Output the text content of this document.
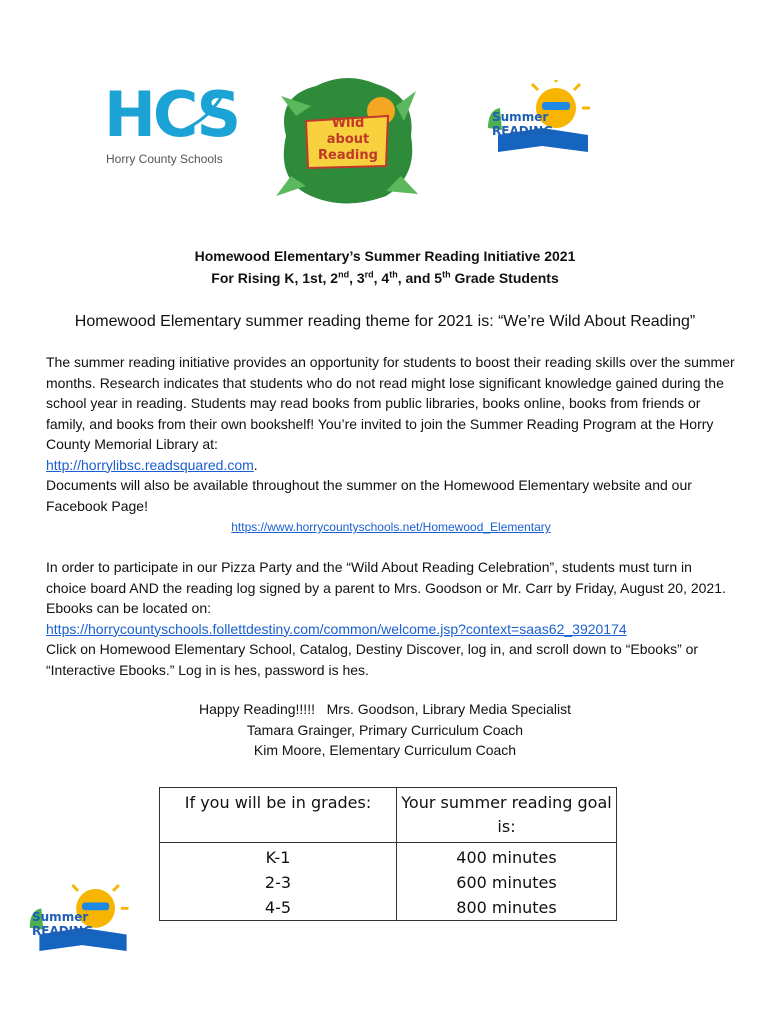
HCS
Horry County Schools
Wild about Reading
Summer READING
Homewood Elementary’s Summer Reading Initiative 2021
For Rising K, 1st, 2nd, 3rd, 4th, and 5th Grade Students
Homewood Elementary summer reading theme for 2021 is: “We’re Wild About Reading”
The summer reading initiative provides an opportunity for students to boost their reading skills over the summer months. Research indicates that students who do not read might lose significant knowledge gained during the school year in reading. Students may read books from public libraries, books online, books from friends or family, and books from their own bookshelf! You’re invited to join the Summer Reading Program at the Horry County Memorial Library at:
http://horrylibsc.readsquared.com.
Documents will also be available throughout the summer on the Homewood Elementary website and our Facebook Page!
https://www.horrycountyschools.net/Homewood_Elementary
In order to participate in our Pizza Party and the “Wild About Reading Celebration”, students must turn in choice board AND the reading log signed by a parent to Mrs. Goodson or Mr. Carr by Friday, August 20, 2021. Ebooks can be located on:
https://horrycountyschools.follettdestiny.com/common/welcome.jsp?context=saas62_3920174
Click on Homewood Elementary School, Catalog, Destiny Discover, log in, and scroll down to “Ebooks” or “Interactive Ebooks.” Log in is hes, password is hes.
Happy Reading!!!!!   Mrs. Goodson, Library Media Specialist
Tamara Grainger, Primary Curriculum Coach
Kim Moore, Elementary Curriculum Coach
If you will be in grades:	Your summer reading goal is:
K-1	400 minutes
2-3	600 minutes
4-5	800 minutes
Summer READING
